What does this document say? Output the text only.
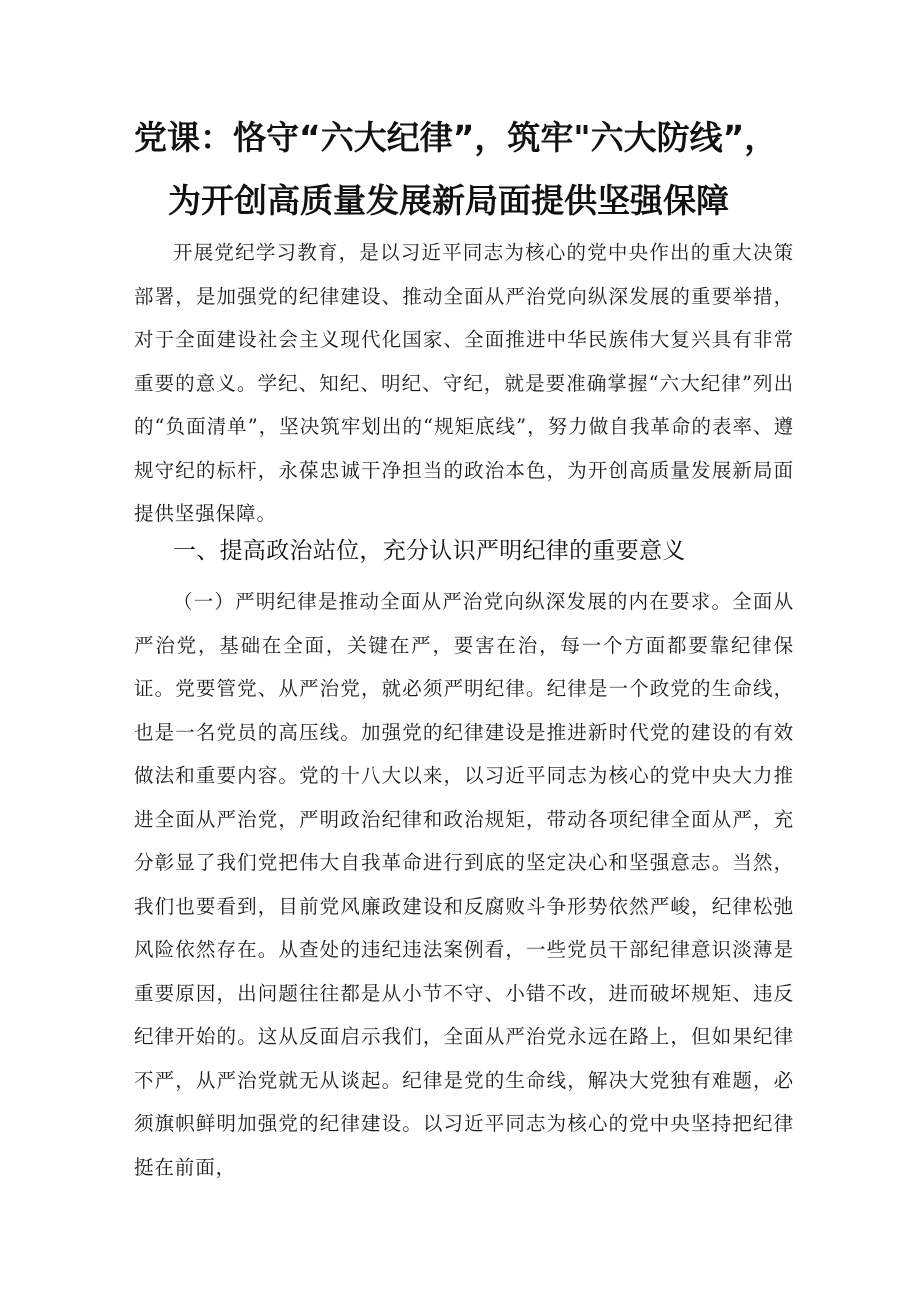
党课：恪守“六大纪律”，筑牢"六大防线”，
为开创高质量发展新局面提供坚强保障

开展党纪学习教育，是以习近平同志为核心的党中央作出的重大决策部署，是加强党的纪律建设、推动全面从严治党向纵深发展的重要举措，对于全面建设社会主义现代化国家、全面推进中华民族伟大复兴具有非常重要的意义。学纪、知纪、明纪、守纪，就是要准确掌握“六大纪律”列出的“负面清单”，坚决筑牢划出的“规矩底线”，努力做自我革命的表率、遵规守纪的标杆，永葆忠诚干净担当的政治本色，为开创高质量发展新局面提供坚强保障。

一、提高政治站位，充分认识严明纪律的重要意义

（一）严明纪律是推动全面从严治党向纵深发展的内在要求。全面从严治党，基础在全面，关键在严，要害在治，每一个方面都要靠纪律保证。党要管党、从严治党，就必须严明纪律。纪律是一个政党的生命线，也是一名党员的高压线。加强党的纪律建设是推进新时代党的建设的有效做法和重要内容。党的十八大以来，以习近平同志为核心的党中央大力推进全面从严治党，严明政治纪律和政治规矩，带动各项纪律全面从严，充分彰显了我们党把伟大自我革命进行到底的坚定决心和坚强意志。当然，我们也要看到，目前党风廉政建设和反腐败斗争形势依然严峻，纪律松弛风险依然存在。从查处的违纪违法案例看，一些党员干部纪律意识淡薄是重要原因，出问题往往都是从小节不守、小错不改，进而破坏规矩、违反纪律开始的。这从反面启示我们，全面从严治党永远在路上，但如果纪律不严，从严治党就无从谈起。纪律是党的生命线，解决大党独有难题，必须旗帜鲜明加强党的纪律建设。以习近平同志为核心的党中央坚持把纪律挺在前面，
